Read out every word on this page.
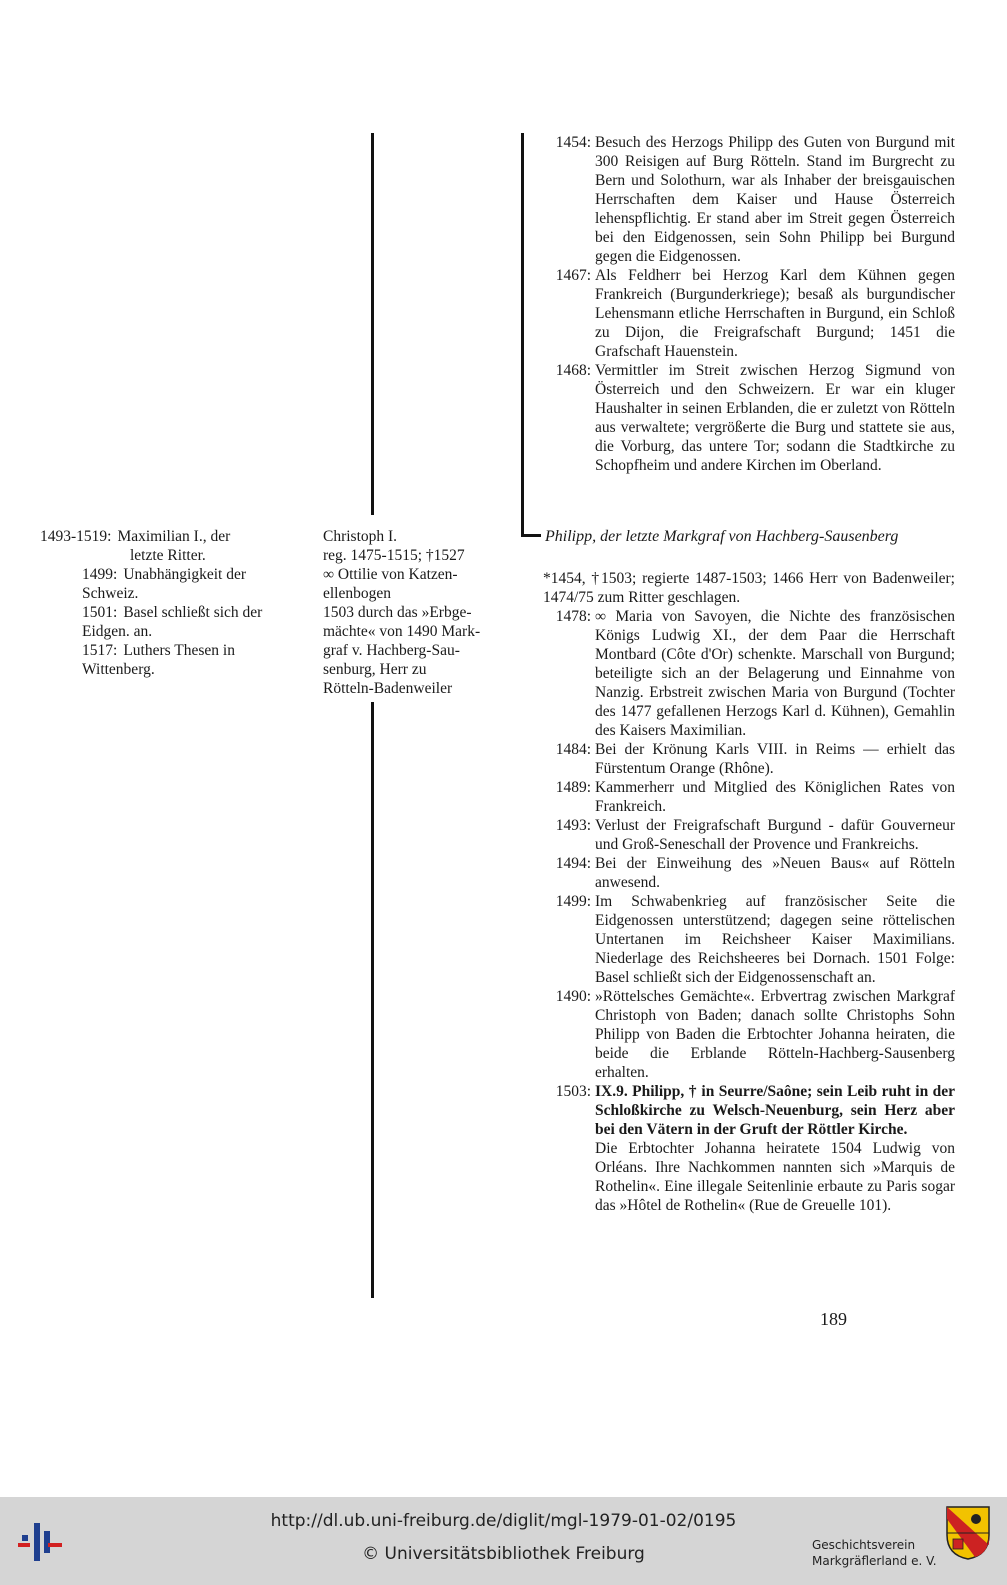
1454: Besuch des Herzogs Philipp des Guten von Burgund mit 300 Reisigen auf Burg Rötteln. Stand im Burgrecht zu Bern und Solothurn, war als Inhaber der breisgauischen Herrschaften dem Kaiser und Hause Österreich lehenspflichtig. Er stand aber im Streit gegen Österreich bei den Eidgenossen, sein Sohn Philipp bei Burgund gegen die Eidgenossen.
1467: Als Feldherr bei Herzog Karl dem Kühnen gegen Frankreich (Burgunderkriege); besaß als burgundischer Lehensmann etliche Herrschaften in Burgund, ein Schloß zu Dijon, die Freigrafschaft Burgund; 1451 die Grafschaft Hauenstein.
1468: Vermittler im Streit zwischen Herzog Sigmund von Österreich und den Schweizern. Er war ein kluger Haushalter in seinen Erblanden, die er zuletzt von Rötteln aus verwaltete; vergrößerte die Burg und stattete sie aus, die Vorburg, das untere Tor; sodann die Stadtkirche zu Schopfheim und andere Kirchen im Oberland.
Philipp, der letzte Markgraf von Hachberg-Sausenberg
*1454, †1503; regierte 1487-1503; 1466 Herr von Badenweiler; 1474/75 zum Ritter geschlagen.
1478: ∞ Maria von Savoyen, die Nichte des französischen Königs Ludwig XI., der dem Paar die Herrschaft Montbard (Côte d'Or) schenkte. Marschall von Burgund; beteiligte sich an der Belagerung und Einnahme von Nanzig. Erbstreit zwischen Maria von Burgund (Tochter des 1477 gefallenen Herzogs Karl d. Kühnen), Gemahlin des Kaisers Maximilian.
1484: Bei der Krönung Karls VIII. in Reims — erhielt das Fürstentum Orange (Rhône).
1489: Kammerherr und Mitglied des Königlichen Rates von Frankreich.
1493: Verlust der Freigrafschaft Burgund - dafür Gouverneur und Groß-Seneschall der Provence und Frankreichs.
1494: Bei der Einweihung des »Neuen Baus« auf Rötteln anwesend.
1499: Im Schwabenkrieg auf französischer Seite die Eidgenossen unterstützend; dagegen seine röttelischen Untertanen im Reichsheer Kaiser Maximilians. Niederlage des Reichsheeres bei Dornach. 1501 Folge: Basel schließt sich der Eidgenossenschaft an.
1490: »Röttelsches Gemächte«. Erbvertrag zwischen Markgraf Christoph von Baden; danach sollte Christophs Sohn Philipp von Baden die Erbtochter Johanna heiraten, die beide die Erblande Rötteln-Hachberg-Sausenberg erhalten.
1503: IX.9. Philipp, † in Seurre/Saône; sein Leib ruht in der Schloßkirche zu Welsch-Neuenburg, sein Herz aber bei den Vätern in der Gruft der Röttler Kirche.

Die Erbtochter Johanna heiratete 1504 Ludwig von Orléans. Ihre Nachkommen nannten sich »Marquis de Rothelin«. Eine illegale Seitenlinie erbaute zu Paris sogar das »Hôtel de Rothelin« (Rue de Greuelle 101).

1493-1519: Maximilian I., der
letzte Ritter.
1499: Unabhängigkeit der
Schweiz.
1501: Basel schließt sich der
Eidgen. an.
1517: Luthers Thesen in
Wittenberg.
Christoph I.
reg. 1475-1515; †1527
∞ Ottilie von Katzen-
ellenbogen
1503 durch das »Erbge-
mächte« von 1490 Mark-
graf v. Hachberg-Sau-
senburg, Herr zu
Rötteln-Badenweiler
189
http://dl.ub.uni-freiburg.de/diglit/mgl-1979-01-02/0195
© Universitätsbibliothek Freiburg	Geschichtsverein
Markgräflerland e. V.
